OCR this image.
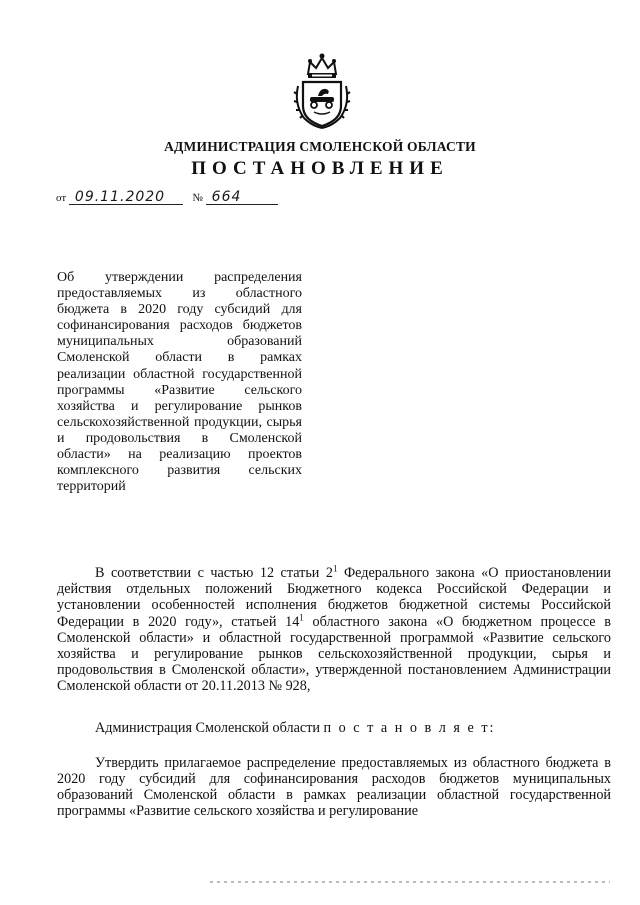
АДМИНИСТРАЦИЯ СМОЛЕНСКОЙ ОБЛАСТИ
ПОСТАНОВЛЕНИЕ
от 09.11.2020 № 664
Об утверждении распределения предоставляемых из областного бюджета в 2020 году субсидий для софинансирования расходов бюджетов муниципальных образований Смоленской области в рамках реализации областной государственной программы «Развитие сельского хозяйства и регулирование рынков сельскохозяйственной продукции, сырья и продовольствия в Смоленской области» на реализацию проектов комплексного развития сельских территорий

В соответствии с частью 12 статьи $2^1$ Федерального закона «О приостановлении действия отдельных положений Бюджетного кодекса Российской Федерации и установлении особенностей исполнения бюджетов бюджетной системы Российской Федерации в 2020 году», статьей $14^1$ областного закона «О бюджетном процессе в Смоленской области» и областной государственной программой «Развитие сельского хозяйства и регулирование рынков сельскохозяйственной продукции, сырья и продовольствия в Смоленской области», утвержденной постановлением Администрации Смоленской области от 20.11.2013 № 928,

Администрация Смоленской области п о с т а н о в л я е т:

Утвердить прилагаемое распределение предоставляемых из областного бюджета в 2020 году субсидий для софинансирования расходов бюджетов муниципальных образований Смоленской области в рамках реализации областной государственной программы «Развитие сельского хозяйства и регулирование
